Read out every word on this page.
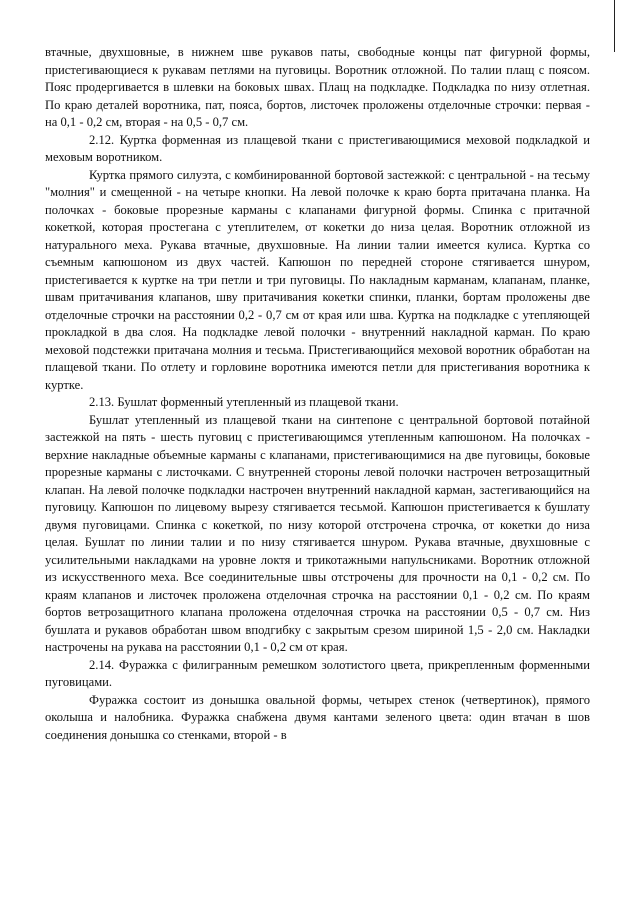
втачные, двухшовные, в нижнем шве рукавов паты, свободные концы пат фигурной формы, пристегивающиеся к рукавам петлями на пуговицы. Воротник отложной. По талии плащ с поясом. Пояс продергивается в шлевки на боковых швах. Плащ на подкладке. Подкладка по низу отлетная. По краю деталей воротника, пат, пояса, бортов, листочек проложены отделочные строчки: первая - на 0,1 - 0,2 см, вторая - на 0,5 - 0,7 см.

2.12. Куртка форменная из плащевой ткани с пристегивающимися меховой подкладкой и меховым воротником.

Куртка прямого силуэта, с комбинированной бортовой застежкой: с центральной - на тесьму "молния" и смещенной - на четыре кнопки. На левой полочке к краю борта притачана планка. На полочках - боковые прорезные карманы с клапанами фигурной формы. Спинка с притачной кокеткой, которая простегана с утеплителем, от кокетки до низа целая. Воротник отложной из натурального меха. Рукава втачные, двухшовные. На линии талии имеется кулиса. Куртка со съемным капюшоном из двух частей. Капюшон по передней стороне стягивается шнуром, пристегивается к куртке на три петли и три пуговицы. По накладным карманам, клапанам, планке, швам притачивания клапанов, шву притачивания кокетки спинки, планки, бортам проложены две отделочные строчки на расстоянии 0,2 - 0,7 см от края или шва. Куртка на подкладке с утепляющей прокладкой в два слоя. На подкладке левой полочки - внутренний накладной карман. По краю меховой подстежки притачана молния и тесьма. Пристегивающийся меховой воротник обработан на плащевой ткани. По отлету и горловине воротника имеются петли для пристегивания воротника к куртке.

2.13. Бушлат форменный утепленный из плащевой ткани.

Бушлат утепленный из плащевой ткани на синтепоне с центральной бортовой потайной застежкой на пять - шесть пуговиц с пристегивающимся утепленным капюшоном. На полочках - верхние накладные объемные карманы с клапанами, пристегивающимися на две пуговицы, боковые прорезные карманы с листочками. С внутренней стороны левой полочки настрочен ветрозащитный клапан. На левой полочке подкладки настрочен внутренний накладной карман, застегивающийся на пуговицу. Капюшон по лицевому вырезу стягивается тесьмой. Капюшон пристегивается к бушлату двумя пуговицами. Спинка с кокеткой, по низу которой отстрочена строчка, от кокетки до низа целая. Бушлат по линии талии и по низу стягивается шнуром. Рукава втачные, двухшовные с усилительными накладками на уровне локтя и трикотажными напульсниками. Воротник отложной из искусственного меха. Все соединительные швы отстрочены для прочности на 0,1 - 0,2 см. По краям клапанов и листочек проложена отделочная строчка на расстоянии 0,1 - 0,2 см. По краям бортов ветрозащитного клапана проложена отделочная строчка на расстоянии 0,5 - 0,7 см. Низ бушлата и рукавов обработан швом вподгибку с закрытым срезом шириной 1,5 - 2,0 см. Накладки настрочены на рукава на расстоянии 0,1 - 0,2 см от края.

2.14. Фуражка с филигранным ремешком золотистого цвета, прикрепленным форменными пуговицами.

Фуражка состоит из донышка овальной формы, четырех стенок (четвертинок), прямого околыша и налобника. Фуражка снабжена двумя кантами зеленого цвета: один втачан в шов соединения донышка со стенками, второй - в
